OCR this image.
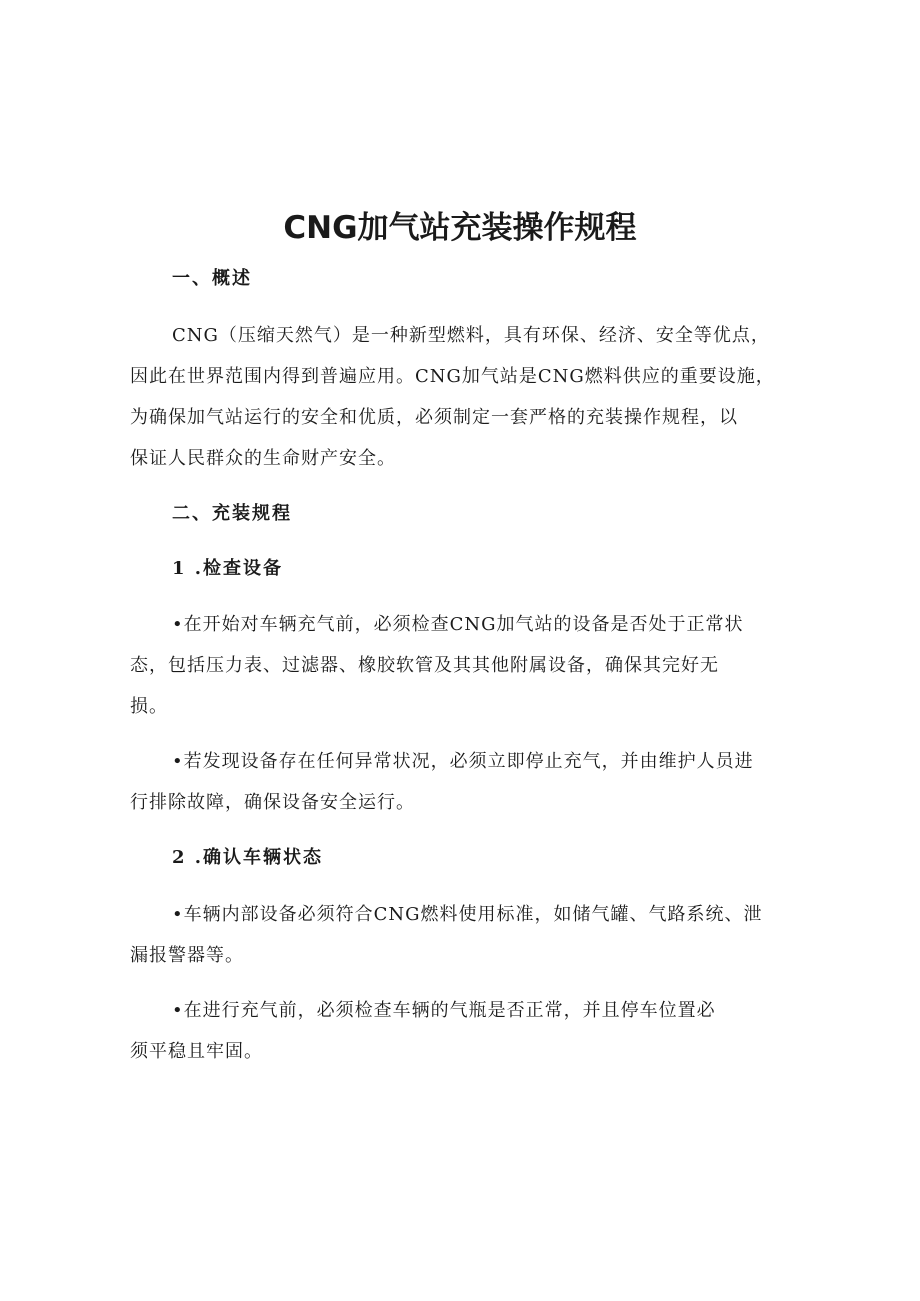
CNG加气站充装操作规程
一、概述

CNG（压缩天然气）是一种新型燃料，具有环保、经济、安全等优点，
因此在世界范围内得到普遍应用。CNG加气站是CNG燃料供应的重要设施，
为确保加气站运行的安全和优质，必须制定一套严格的充装操作规程，以
保证人民群众的生命财产安全。

二、充装规程
1 .检查设备

•在开始对车辆充气前，必须检查CNG加气站的设备是否处于正常状
态，包括压力表、过滤器、橡胶软管及其其他附属设备，确保其完好无
损。

•若发现设备存在任何异常状况，必须立即停止充气，并由维护人员进
行排除故障，确保设备安全运行。

2 .确认车辆状态

•车辆内部设备必须符合CNG燃料使用标准，如储气罐、气路系统、泄
漏报警器等。

•在进行充气前，必须检查车辆的气瓶是否正常，并且停车位置必
须平稳且牢固。
